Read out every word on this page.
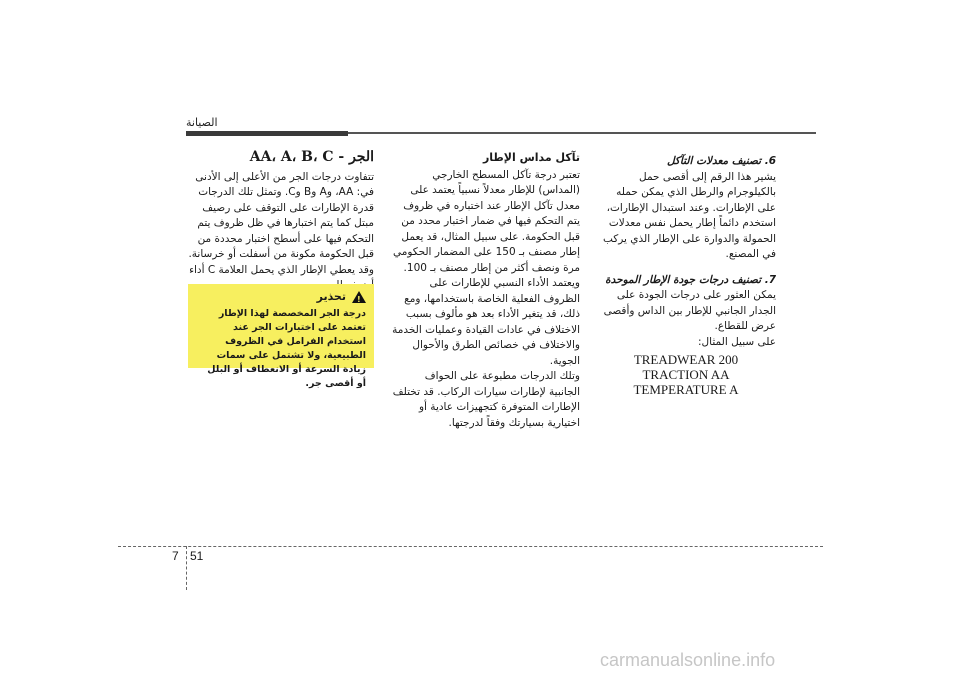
الصيانة

6. تصنيف معدلات التآكل

يشير هذا الرقم إلى أقصى حمل بالكيلوجرام والرطل الذي يمكن حمله على الإطارات. وعند استبدال الإطارات، استخدم دائماً إطار يحمل نفس معدلات الحمولة والدوارة على الإطار الذي يركب في المصنع.

7. تصنيف درجات جودة الإطار الموحدة

يمكن العثور على درجات الجودة على الجدار الجانبي للإطار بين الداس وأقصى عرض للقطاع.

على سبيل المثال:

TREADWEAR 200
TRACTION AA
TEMPERATURE A

تآكل مداس الإطار

تعتبر درجة تآكل المسطح الخارجي (المداس) للإطار معدلاً نسبياً يعتمد على معدل تآكل الإطار عند اختباره في ظروف يتم التحكم فيها في ضمار اختبار محدد من قبل الحكومة. على سبيل المثال، قد يعمل إطار مصنف بـ 150 على المضمار الحكومي مرة ونصف أكثر من إطار مصنف بـ 100.

ويعتمد الأداء النسبي للإطارات على الظروف الفعلية الخاصة باستخدامها، ومع ذلك، قد يتغير الأداء بعد هو مألوف بسبب الاختلاف في عادات القيادة وعمليات الخدمة والاختلاف في خصائص الطرق والأحوال الجوية.

وتلك الدرجات مطبوعة على الحواف الجانبية لإطارات سيارات الركاب. قد تختلف الإطارات المتوفرة كتجهيزات عادية أو اختيارية بسيارتك وفقاً لدرجتها.

الجر - AA، A، B، C

تتفاوت درجات الجر من الأعلى إلى الأدنى في: AA، وA وB وC. وتمثل تلك الدرجات قدرة الإطارات على التوقف على رصيف مبتل كما يتم اختبارها في ظل ظروف يتم التحكم فيها على أسطح اختبار محددة من قبل الحكومة مكونة من أسفلت أو خرسانة. وقد يعطي الإطار الذي يحمل العلامة C أداء

!
تحذير

درجة الجر المخصصة لهذا الإطار تعتمد على اختبارات الجر عند استخدام الفرامل في الظروف الطبيعية، ولا تشتمل على سمات زيادة السرعة أو الانعطاف أو البلل أو أقصى جر.

7 51
carmanualsonline.info
